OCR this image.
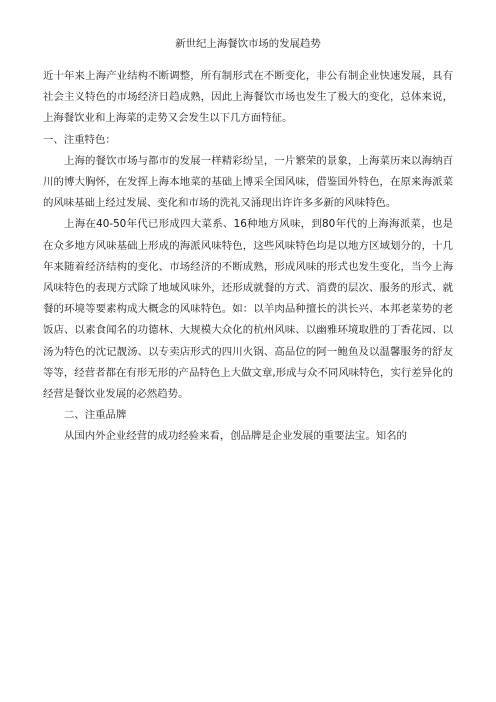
新世纪上海餐饮市场的发展趋势

近十年来上海产业结构不断调整，所有制形式在不断变化，非公有制企业快速发展，具有社会主义特色的市场经济日趋成熟，因此上海餐饮市场也发生了极大的变化，总体来说，上海餐饮业和上海菜的走势又会发生以下几方面特征。

一、注重特色：

上海的餐饮市场与都市的发展一样精彩纷呈，一片繁荣的景象，上海菜历来以海纳百川的博大胸怀，在发挥上海本地菜的基础上博采全国风味，借鉴国外特色，在原来海派菜的风味基础上经过发展、变化和市场的洗礼又涌现出许许多多新的风味特色。

上海在40-50年代已形成四大菜系、16种地方风味，到80年代的上海海派菜，也是在众多地方风味基础上形成的海派风味特色，这些风味特色均是以地方区域划分的，十几年来随着经济结构的变化、市场经济的不断成熟，形成风味的形式也发生变化，当今上海风味特色的表现方式除了地域风味外，还形成就餐的方式、消费的层次、服务的形式、就餐的环境等要素构成大概念的风味特色。如：以羊肉品种擅长的洪长兴、本邦老菜势的老饭店、以素食闻名的功德林、大规模大众化的杭州风味、以幽雅环境取胜的丁香花园、以汤为特色的沈记靓汤、以专卖店形式的四川火锅、高品位的阿一鲍鱼及以温馨服务的舒友等等，经营者都在有形无形的产品特色上大做文章,形成与众不同风味特色，实行差异化的经营是餐饮业发展的必然趋势。

二、注重品牌

从国内外企业经营的成功经验来看，创品牌是企业发展的重要法宝。知名的
